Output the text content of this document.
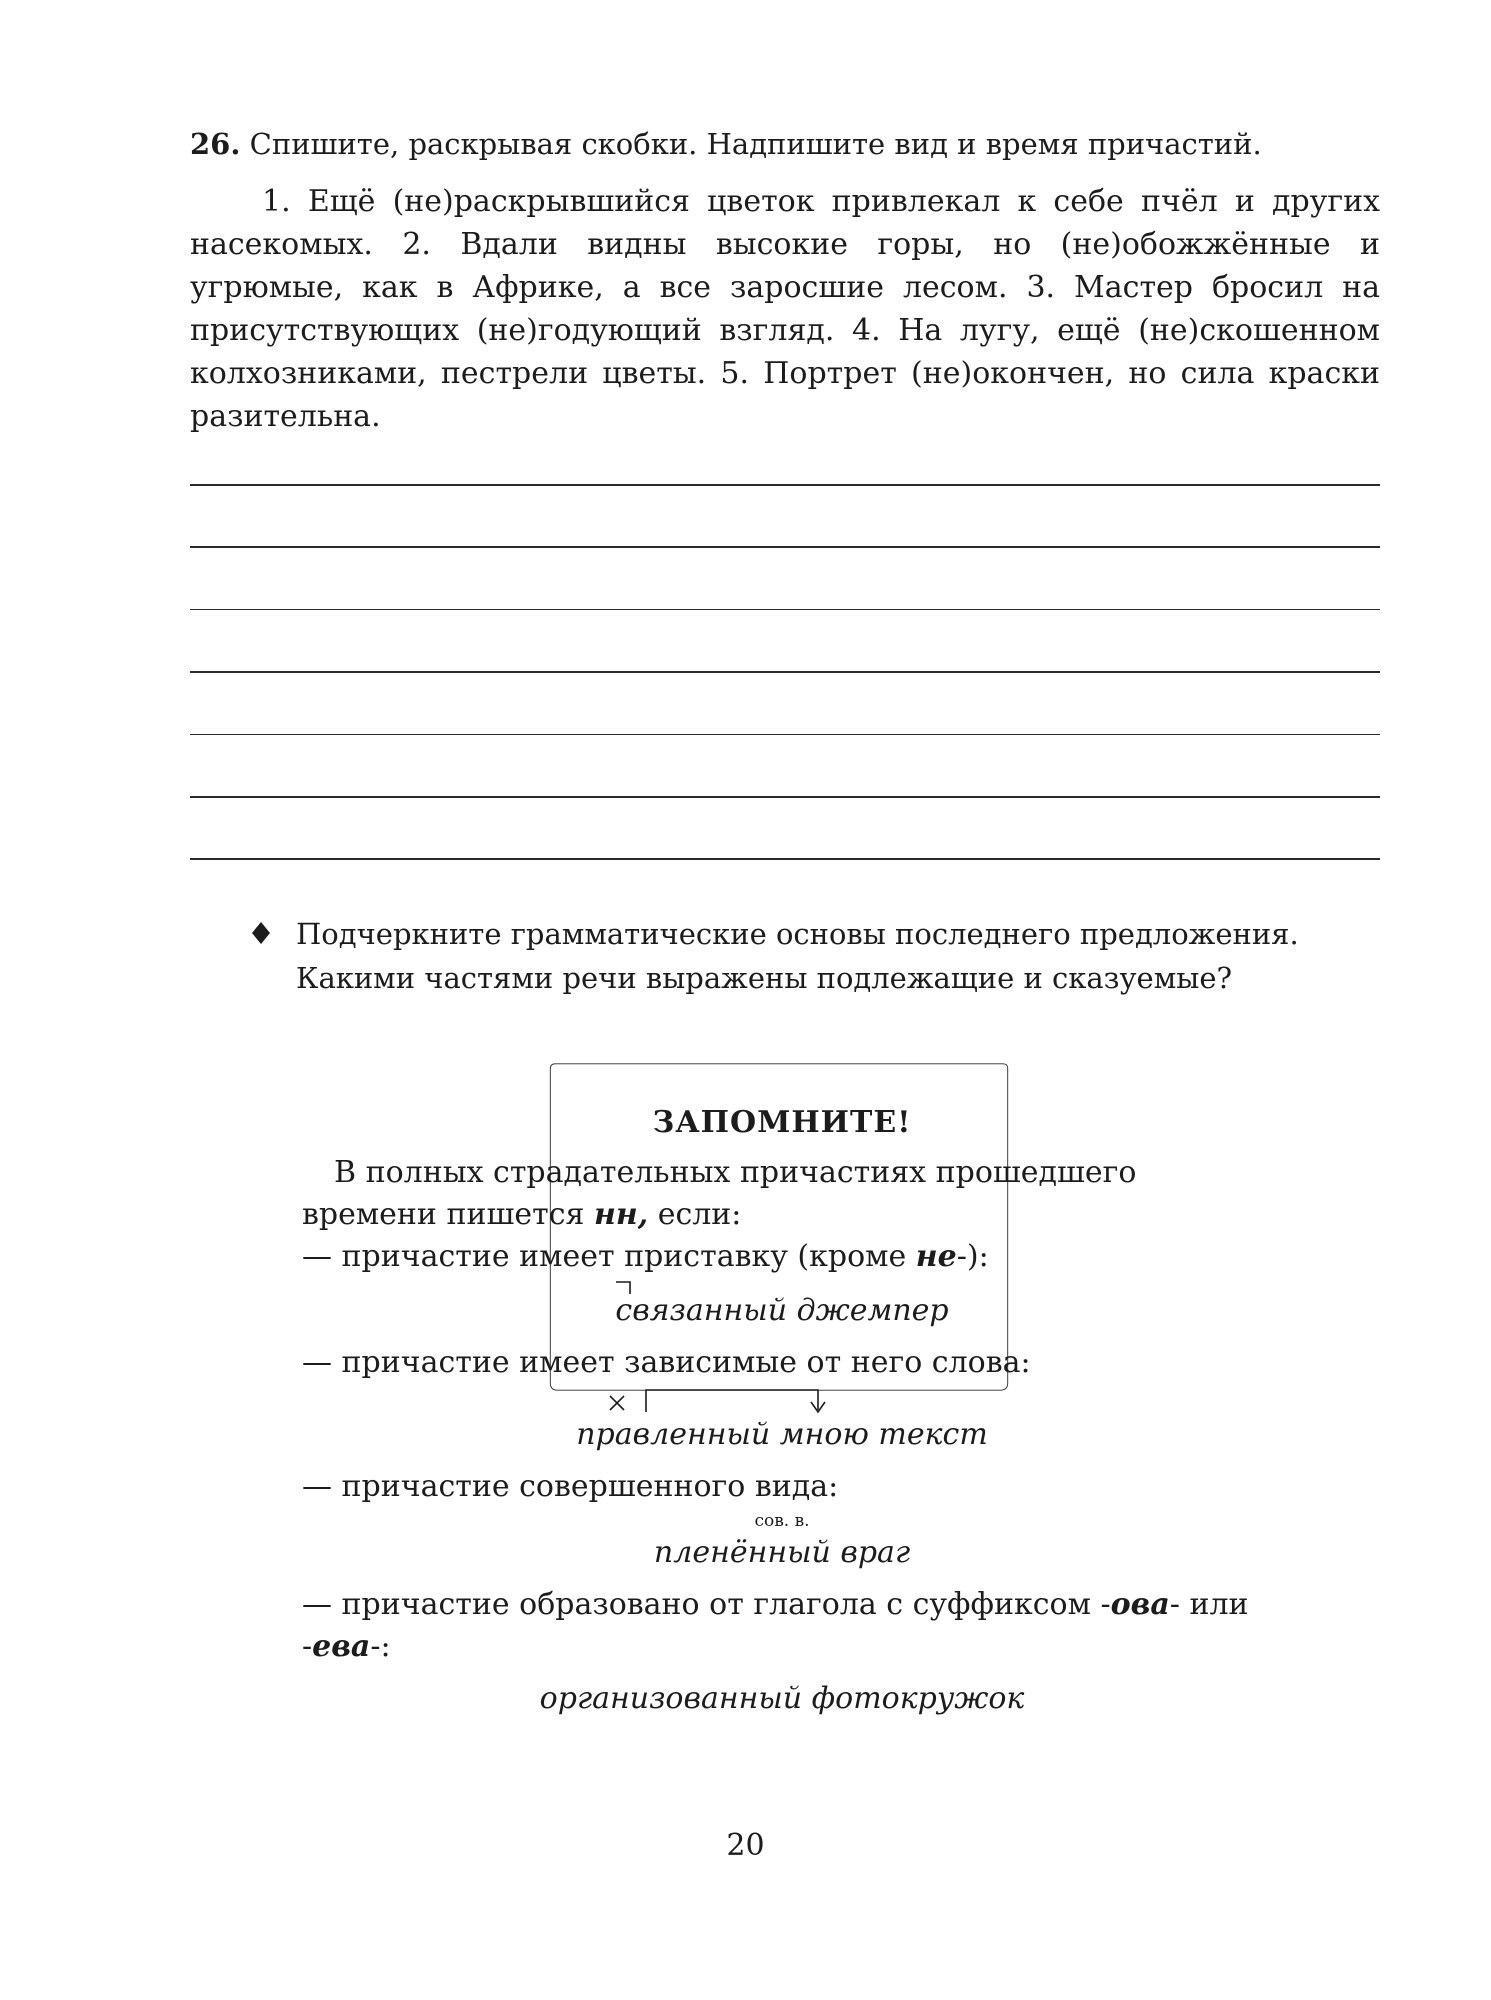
26. Спишите, раскрывая скобки. Надпишите вид и время причастий.

1. Ещё (не)раскрывшийся цветок привлекал к себе пчёл и других насекомых. 2. Вдали видны высокие горы, но (не)обожжённые и угрюмые, как в Африке, а все заросшие лесом. 3. Мастер бросил на присутствующих (не)годующий взгляд. 4. На лугу, ещё (не)скошенном колхозниками, пестрели цветы. 5. Портрет (не)окончен, но сила краски разительна.

Подчеркните грамматические основы последнего предложения. Какими частями речи выражены подлежащие и сказуемые?

ЗАПОМНИТЕ!

В полных страдательных причастиях прошедшего времени пишется нн, если:

— причастие имеет приставку (кроме не-):

связанный джемпер

— причастие имеет зависимые от него слова:

правленный мною текст

— причастие совершенного вида:

сов. в.

пленённый враг

— причастие образовано от глагола с суффиксом -ова- или -ева-:

организованный фотокружок

20
